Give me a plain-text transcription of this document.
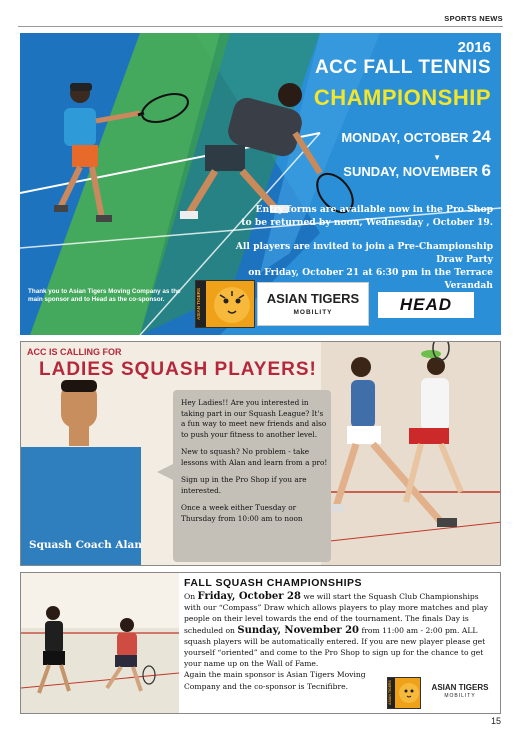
SPORTS NEWS
2016
ACC FALL TENNIS
CHAMPIONSHIP
MONDAY, OCTOBER 24
▼
SUNDAY, NOVEMBER 6
Entry forms are available now in the Pro Shop
to be returned by noon, Wednesday , October 19.
All players are invited to join a Pre-Championship Draw Party
on Friday, October 21 at 6:30 pm in the Terrace Verandah
Thank you to Asian Tigers Moving Company as the main sponsor and to Head as the co-sponsor.	ASIAN TIGERS	ASIAN TIGERS
MOBILITY	HEAD
ACC IS CALLING FOR
LADIES SQUASH PLAYERS!

Hey Ladies!! Are you interested in taking part in our Squash League? It's a fun way to meet new friends and also to push your fitness to another level.

New to squash? No problem - take lessons with Alan and learn from a pro!

Sign up in the Pro Shop if you are interested.

Once a week either Tuesday or Thursday from 10:00 am to noon

Squash Coach Alan
FALL SQUASH CHAMPIONSHIPS
On Friday, October 28 we will start the Squash Club Championships with our “Compass” Draw which allows players to play more matches and play people on their level towards the end of the tournament. The finals Day is scheduled on Sunday, November 20 from 11:00 am - 2:00 pm. ALL squash players will be automatically entered. If you are new player please get yourself “oriented” and come to the Pro Shop to sign up for the chance to get your name up on the Wall of Fame.
Again the main sponsor is Asian Tigers Moving Company and the co-sponsor is Tecnifibre.	ASIAN TIGERS	ASIAN TIGERS
MOBILITY
15
